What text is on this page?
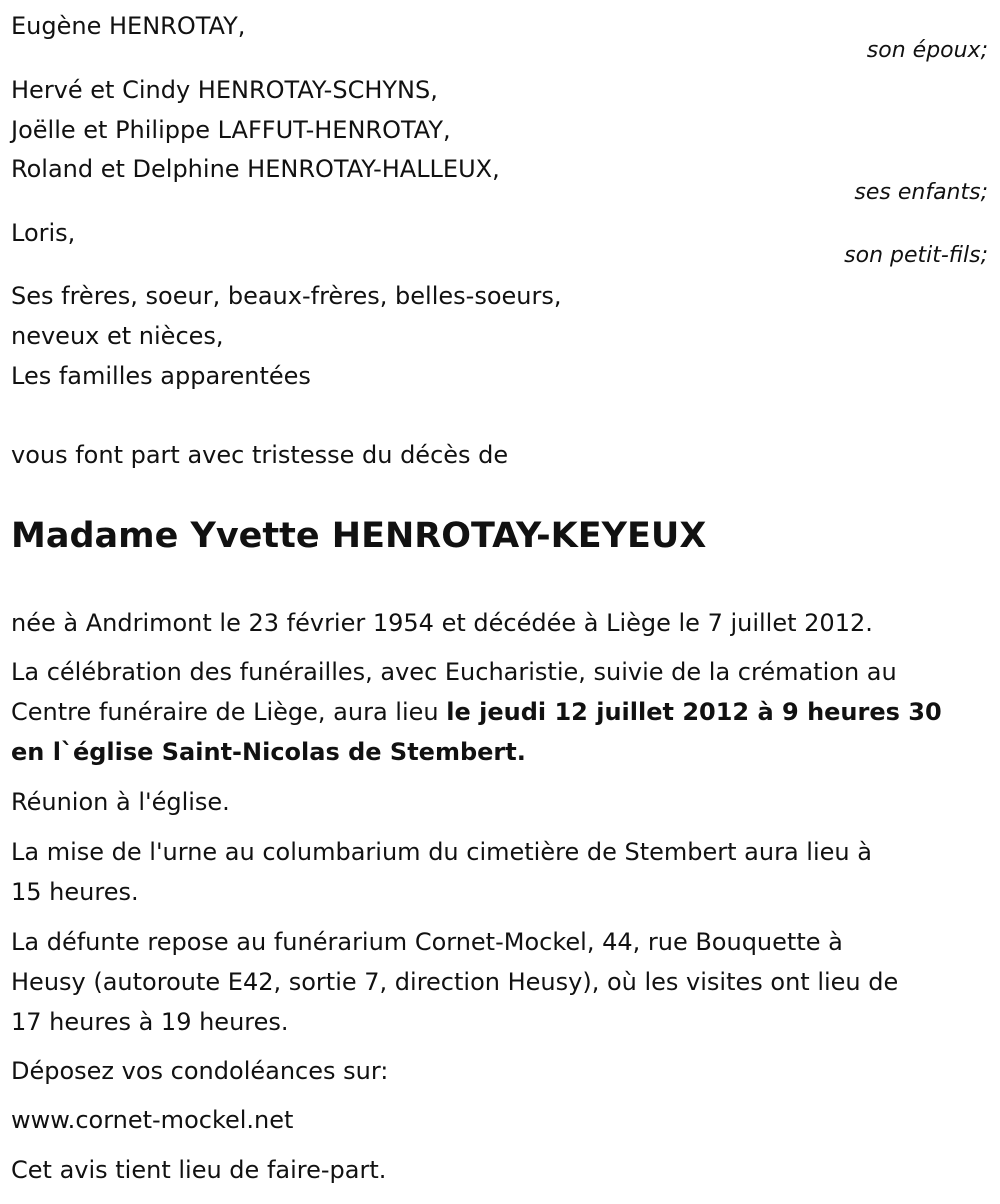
Eugène HENROTAY,
son époux;
Hervé et Cindy HENROTAY-SCHYNS,
Joëlle et Philippe LAFFUT-HENROTAY,
Roland et Delphine HENROTAY-HALLEUX,
ses enfants;
Loris,
son petit-fils;
Ses frères, soeur, beaux-frères, belles-soeurs,
neveux et nièces,
Les familles apparentées
vous font part avec tristesse du décès de
Madame Yvette HENROTAY-KEYEUX
née à Andrimont le 23 février 1954 et décédée à Liège le 7 juillet 2012.
La célébration des funérailles, avec Eucharistie, suivie de la crémation au
Centre funéraire de Liège, aura lieu le jeudi 12 juillet 2012 à 9 heures 30
en l`église Saint-Nicolas de Stembert.
Réunion à l'église.
La mise de l'urne au columbarium du cimetière de Stembert aura lieu à
15 heures.
La défunte repose au funérarium Cornet-Mockel, 44, rue Bouquette à
Heusy (autoroute E42, sortie 7, direction Heusy), où les visites ont lieu de
17 heures à 19 heures.
Déposez vos condoléances sur:
www.cornet-mockel.net
Cet avis tient lieu de faire-part.
